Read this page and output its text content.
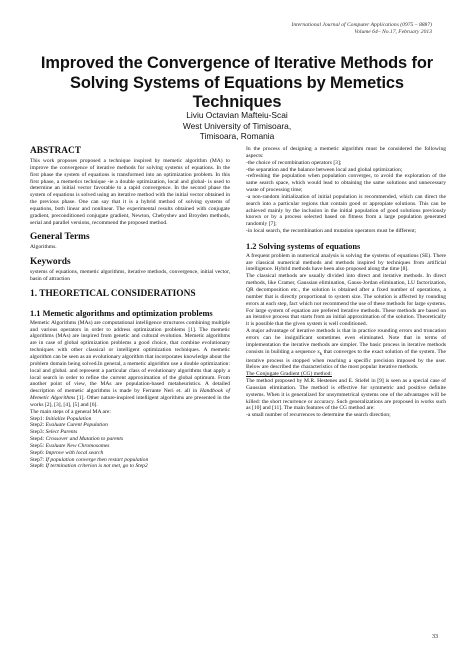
International Journal of Computer Applications (0975 – 8887)
Volume 64– No.17, February 2013
Improved the Convergence of Iterative Methods for
Solving Systems of Equations by Memetics Techniques
Liviu Octavian Mafteiu-Scai
West University of Timisoara,
Timisoara, Romania
ABSTRACT

This work proposes proposed a technique inspired by memetic algorithm (MA) to improve the convergence of iterative methods for solving systems of equations. In the first phase the system of equations is transformed into an optimization problem. In this first phase, a memetics technique -ie a double optimization, local and global- is used to determine an initial vector favorable to a rapid convergence. In the second phase the system of equations is solved using an iterative method with the initial vector obtained in the previous phase. One can say that it is a hybrid method of solving systems of equations, both linear and nonlinear. The experimental results obtained with conjugate gradient, preconditioned conjugate gradient, Newton, Chebyshev and Broyden methods, serial and parallel versions, recommend the proposed method.

General Terms

Algorithms.

Keywords

systems of equations, memetic algorithms, iterative methods, convergence, initial vector, basin of attraction

1. THEORETICAL CONSIDERATIONS
1.1 Memetic algorithms and optimization problems

Memetic Algorithms (MAs) are computational intelligence structures combining multiple and various operators in order to address optimization problems [1]. The memetic algorithms (MAs) are inspired from genetic and cultural evolution. Memetic algorithms are in case of global optimization problems a good choice, that combine evolutionary techniques with other classical or intelligent optimization techniques. A memetic algorithm can be seen as an evolutionary algorithm that incorporates knowledge about the problem domain being solved.In general, a memetic algorithm use a double optimization: local and global. and represent a particular class of evolutionary algorithms that apply a local search in order to refine the current approximation of the global optimum. From another point of view, the MAs are population-based metaheuristics. A detailed description of memetic algorithms is made by Ferrante Neri et. all in Handbook of Memetic Algorithms [1]. Other nature-inspired intelligent algorithms are presented in the works [2], [3], [4], [5] and [6].

The main steps of a general MA are:

Step1: Initialize Population
Step2: Evaluate Curent Population
Step3: Select Parents
Step4: Crossover and Mutation to parents
Step5: Evaluate New Chromosomes
Step6: Improve with local search
Step7: If population converge then restart population
Step8: If termination criterion is not met, go to Step2

In the process of designing a memetic algorithm must be considered the following aspects:

-the choice of recombination operators [3];

-the separation and the balance between local and global optimization;

-refreshing the population when population converges, to avoid the exploration of the same search space, which would lead to obtaining the same solutions and unnecessary waste of processing time;

-a non-random initialization of initial population is recommended, which can direct the search into a particular regions that contain good or appropiate solutions. This can be achieved mainly by the inclusion in the initial population of good solutions previously known or by a process selected based on fitness from a large population generated randomly [7];

-in local search, the recombination and mutation operators must be different;

1.2 Solving systems of equations

A frequent problem in numerical analysis is solving the systems of equations (SE). There are classical numerical methods and methods inspired by techniques from artificial intelligence. Hybrid methods have been also proposed along the time [8].

The classical methods are usually divided into direct and iterative methods. In direct methods, like Cramer, Gaussian elimination, Gauss-Jordan elimination, LU factorization, QR decomposition etc., the solution is obtained after a fixed number of operations, a number that is directly proportional to system size. The solution is affected by rounding errors at each step, fact which not recommend the use of these methods for large systems. For large system of equation are prefered iterative methods. These methods are based on an iterative process that starts from an initial approximation of the solution. Theoretically it is possible that the given system is well conditioned.

A major advantage of iterative methods is that in practice rounding errors and truncation errors can be insignificant sometimes even eliminated. Note that in terms of implementation the iterative methods are simpler. The basic process in iterative methods consists in building a sequence $x_k$ that converges to the exact solution of the system. The iterative process is stopped when reaching a specific precision imposed by the user. Below are described the characteristics of the most popular iterative methods.

The Conjugate Gradient (CG) method:

The method proposed by M.R. Hestenes and E. Stiefel in [9] is seen as a special case of Gaussian elimination. The method is effective for symmetric and positive definite systems. When it is generalized for unsymmetrical systems one of the advantages will be killed: the short recurrence or accuracy. Such generalizations are proposed in works such as [10] and [11]. The main features of the CG method are:

-a small number of recurrences to determine the search direction;

33
